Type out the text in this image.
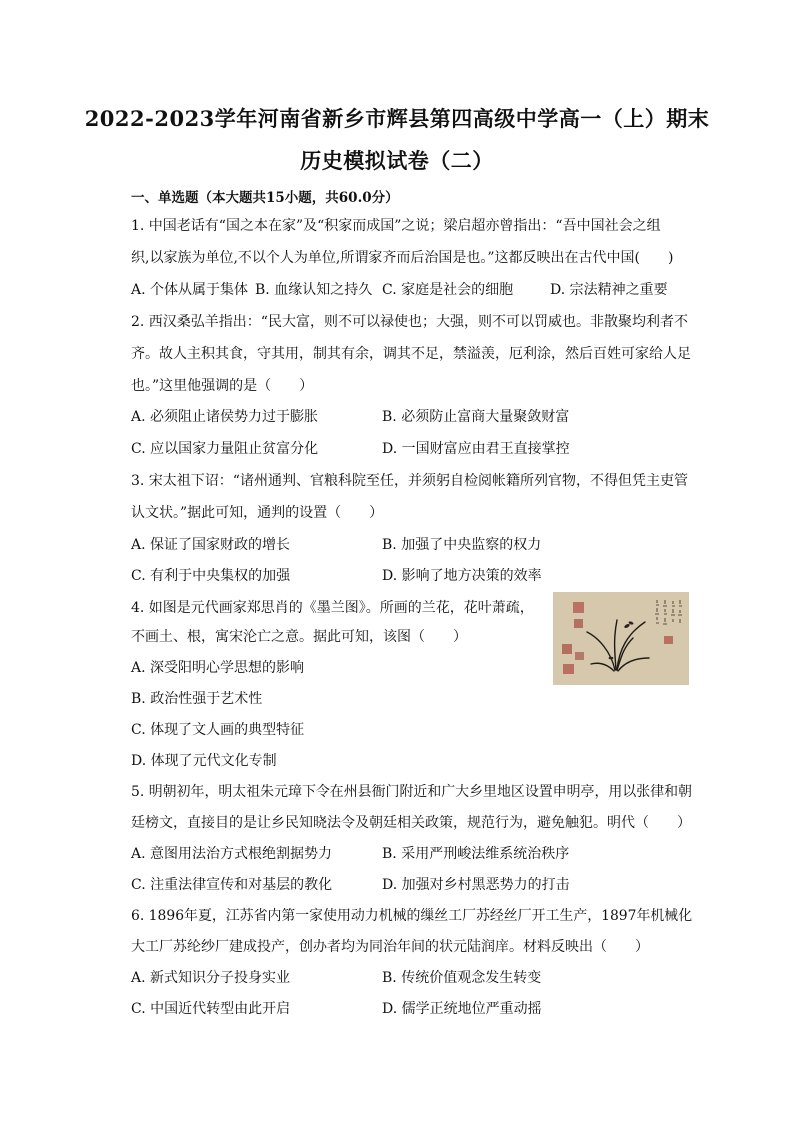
2022-2023学年河南省新乡市辉县第四高级中学高一（上）期末
历史模拟试卷（二）
一、单选题（本大题共15小题，共60.0分）
1. 中国老话有“国之本在家”及“积家而成国”之说；梁启超亦曾指出：“吾中国社会之组
织,以家族为单位,不以个人为单位,所谓家齐而后治国是也。”这都反映出在古代中国(　　)
A. 个体从属于集体 B. 血缘认知之持久 C. 家庭是社会的细胞	D. 宗法精神之重要
2. 西汉桑弘羊指出：“民大富，则不可以禄使也；大强，则不可以罚威也。非散聚均利者不
齐。故人主积其食，守其用，制其有余，调其不足，禁溢羡，厄利涂，然后百姓可家给人足
也。”这里他强调的是（　　）
A. 必须阻止诸侯势力过于膨胀	B. 必须防止富商大量聚敛财富
C. 应以国家力量阻止贫富分化	D. 一国财富应由君王直接掌控
3. 宋太祖下诏：“诸州通判、官粮科院至任，并须躬自检阅帐籍所列官物，不得但凭主吏管
认文状。”据此可知，通判的设置（　　）
A. 保证了国家财政的增长	B. 加强了中央监察的权力
C. 有利于中央集权的加强	D. 影响了地方决策的效率
4. 如图是元代画家郑思肖的《墨兰图》。所画的兰花，花叶萧疏，
不画土、根，寓宋沦亡之意。据此可知，该图（　　）
A. 深受阳明心学思想的影响
B. 政治性强于艺术性
C. 体现了文人画的典型特征
D. 体现了元代文化专制
5. 明朝初年，明太祖朱元璋下令在州县衙门附近和广大乡里地区设置申明亭，用以张律和朝
廷榜文，直接目的是让乡民知晓法令及朝廷相关政策，规范行为，避免触犯。明代（　　）
A. 意图用法治方式根绝割据势力	B. 采用严刑峻法维系统治秩序
C. 注重法律宣传和对基层的教化	D. 加强对乡村黑恶势力的打击
6. 1896年夏，江苏省内第一家使用动力机械的缫丝工厂苏经丝厂开工生产，1897年机械化
大工厂苏纶纱厂建成投产，创办者均为同治年间的状元陆润庠。材料反映出（　　）
A. 新式知识分子投身实业	B. 传统价值观念发生转变
C. 中国近代转型由此开启	D. 儒学正统地位严重动摇
